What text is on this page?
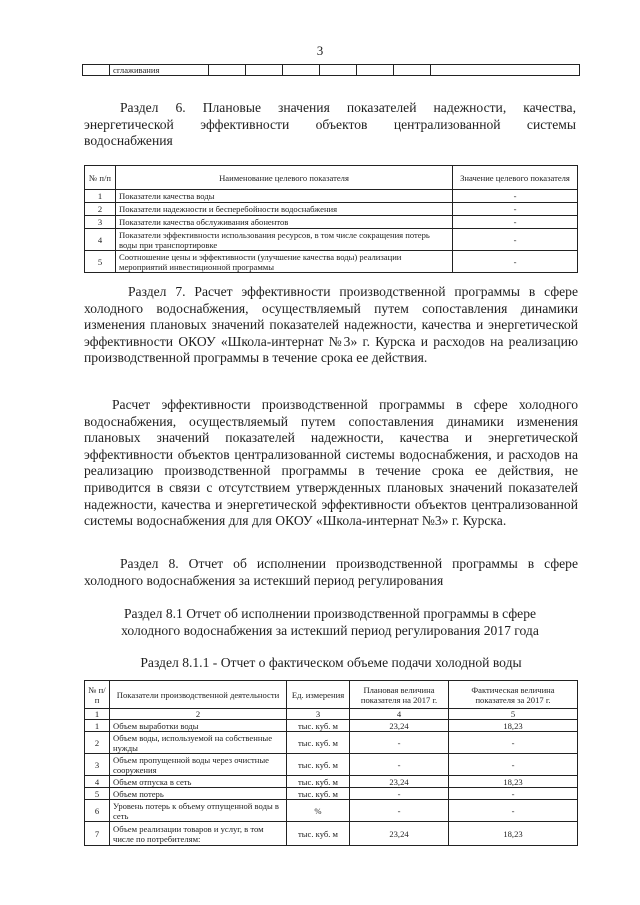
3
	сглаживания							
Раздел 6. Плановые значения показателей надежности, качества, энергетической эффективности объектов централизованной системы водоснабжения
№ п/п	Наименование целевого показателя	Значение целевого показателя
1	Показатели качества воды	-
2	Показатели надежности и бесперебойности водоснабжения	-
3	Показатели качества обслуживания абонентов	-
4	Показатели эффективности использования ресурсов, в том числе сокращения потерь воды при транспортировке	-
5	Соотношение цены и эффективности (улучшение качества воды) реализации мероприятий инвестиционной программы	-
Раздел 7. Расчет эффективности производственной программы в сфере холодного водоснабжения, осуществляемый путем сопоставления динамики изменения плановых значений показателей надежности, качества и энергетической эффективности ОКОУ «Школа-интернат №3» г. Курска и расходов на реализацию производственной программы в течение срока ее действия.
Расчет эффективности производственной программы в сфере холодного водоснабжения, осуществляемый путем сопоставления динамики изменения плановых значений показателей надежности, качества и энергетической эффективности объектов централизованной системы водоснабжения, и расходов на реализацию производственной программы в течение срока ее действия, не приводится в связи с отсутствием утвержденных плановых значений показателей надежности, качества и энергетической эффективности объектов централизованной системы водоснабжения для для ОКОУ «Школа-интернат №3» г. Курска.
Раздел 8. Отчет об исполнении производственной программы в сфере холодного водоснабжения за истекший период регулирования
Раздел 8.1 Отчет об исполнении производственной программы в сфере холодного водоснабжения за истекший период регулирования 2017 года
Раздел 8.1.1 - Отчет о фактическом объеме подачи холодной воды
№ п/п	Показатели производственной деятельности	Ед. измерения	Плановая величина показателя на 2017 г.	Фактическая величина показателя за 2017 г.
1	2	3	4	5
1	Объем выработки воды	тыс. куб. м	23,24	18,23
2	Объем воды, используемой на собственные нужды	тыс. куб. м	-	-
3	Объем пропущенной воды через очистные сооружения	тыс. куб. м	-	-
4	Объем отпуска в сеть	тыс. куб. м	23,24	18,23
5	Объем потерь	тыс. куб. м	-	-
6	Уровень потерь к объему отпущенной воды в сеть	%	-	-
7	Объем реализации товаров и услуг, в том числе по потребителям:	тыс. куб. м	23,24	18,23
